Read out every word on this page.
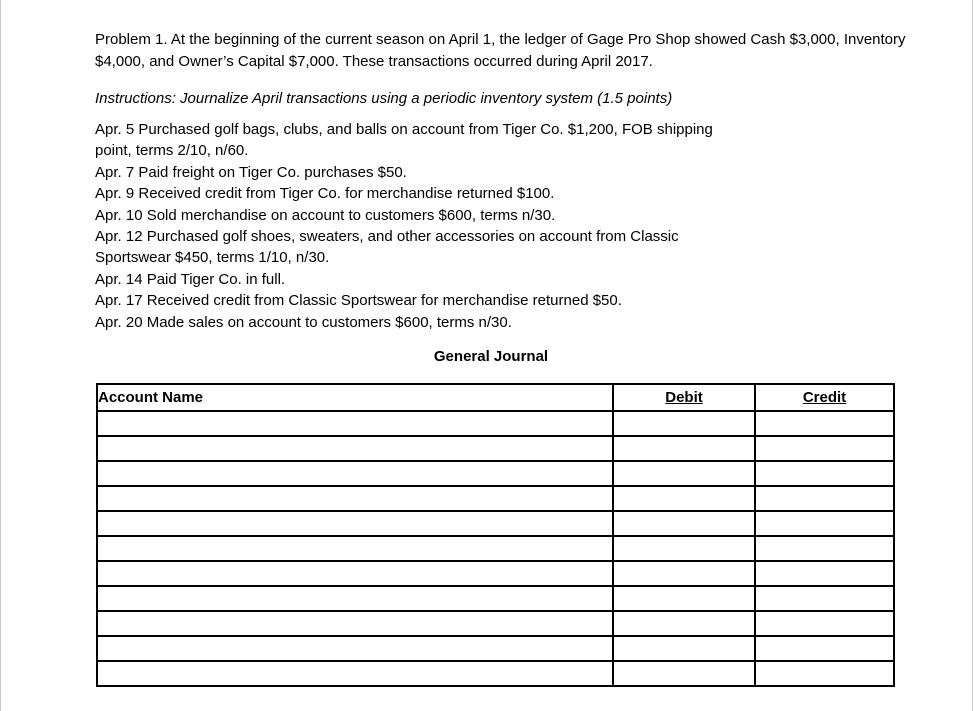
Problem 1. At the beginning of the current season on April 1, the ledger of Gage Pro Shop showed Cash $3,000, Inventory $4,000, and Owner’s Capital $7,000. These transactions occurred during April 2017.

Instructions: Journalize April transactions using a periodic inventory system (1.5 points)

Apr. 5 Purchased golf bags, clubs, and balls on account from Tiger Co. $1,200, FOB shipping point, terms 2/10, n/60.
Apr. 7 Paid freight on Tiger Co. purchases $50.
Apr. 9 Received credit from Tiger Co. for merchandise returned $100.
Apr. 10 Sold merchandise on account to customers $600, terms n/30.
Apr. 12 Purchased golf shoes, sweaters, and other accessories on account from Classic Sportswear $450, terms 1/10, n/30.
Apr. 14 Paid Tiger Co. in full.
Apr. 17 Received credit from Classic Sportswear for merchandise returned $50.
Apr. 20 Made sales on account to customers $600, terms n/30.

General Journal

Account Name	Debit	Credit
